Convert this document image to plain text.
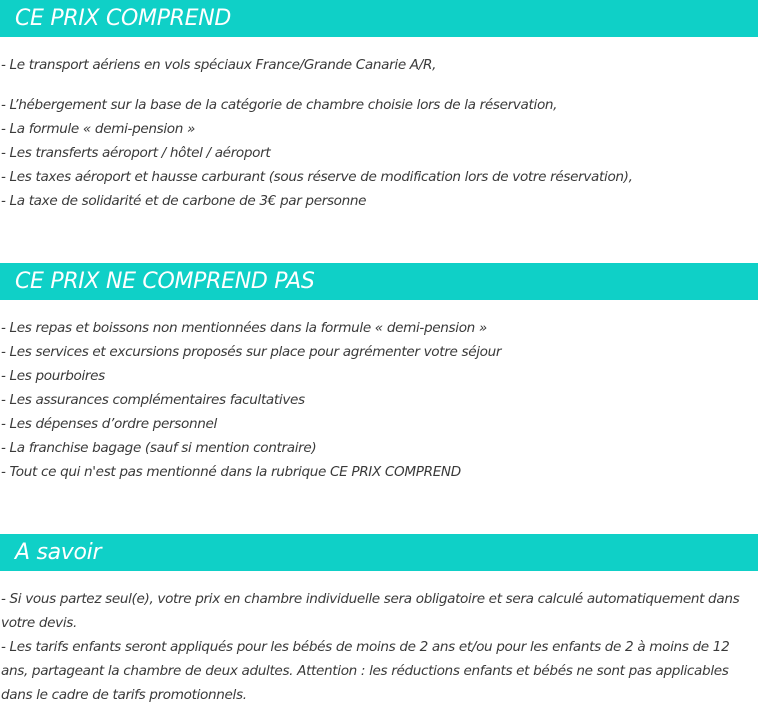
CE PRIX COMPREND

- Le transport aériens en vols spéciaux France/Grande Canarie A/R,

- L’hébergement sur la base de la catégorie de chambre choisie lors de la réservation,

- La formule « demi-pension »

- Les transferts aéroport / hôtel / aéroport

- Les taxes aéroport et hausse carburant (sous réserve de modification lors de votre réservation),

- La taxe de solidarité et de carbone de 3€ par personne

CE PRIX NE COMPREND PAS

- Les repas et boissons non mentionnées dans la formule « demi-pension »

- Les services et excursions proposés sur place pour agrémenter votre séjour

- Les pourboires

- Les assurances complémentaires facultatives

- Les dépenses d’ordre personnel

- La franchise bagage (sauf si mention contraire)

- Tout ce qui n'est pas mentionné dans la rubrique CE PRIX COMPREND

A savoir

- Si vous partez seul(e), votre prix en chambre individuelle sera obligatoire et sera calculé automatiquement dans votre devis.

- Les tarifs enfants seront appliqués pour les bébés de moins de 2 ans et/ou pour les enfants de 2 à moins de 12 ans, partageant la chambre de deux adultes. Attention : les réductions enfants et bébés ne sont pas applicables dans le cadre de tarifs promotionnels.
